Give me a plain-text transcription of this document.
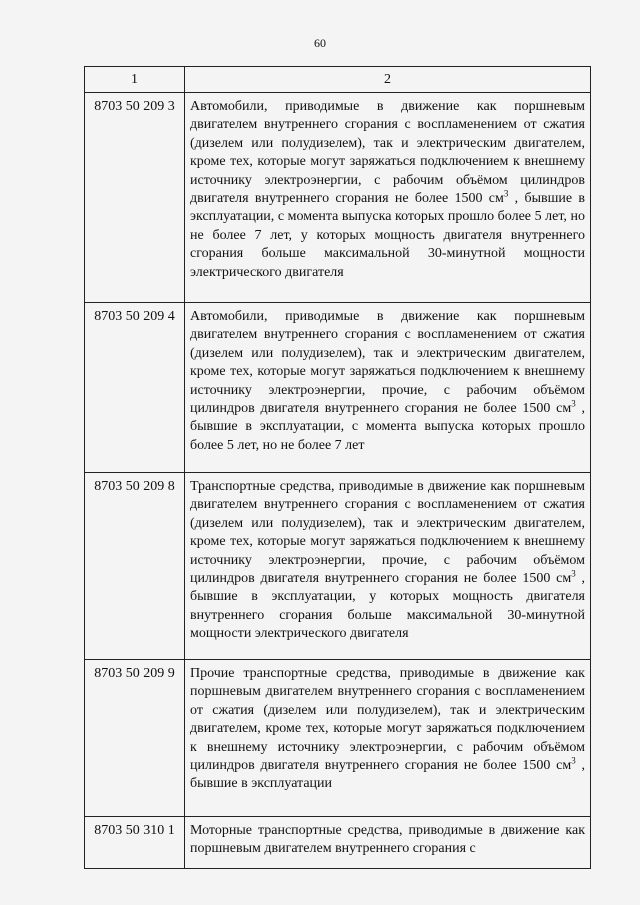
60
1	2
8703 50 209 3	Автомобили, приводимые в движение как поршневым двигателем внутреннего сгорания с воспламенением от сжатия (дизелем или полудизелем), так и электрическим двигателем, кроме тех, которые могут заряжаться подключением к внешнему источнику электроэнергии, с рабочим объёмом цилиндров двигателя внутреннего сгорания не более 1500 $см^3$ , бывшие в эксплуатации, с момента выпуска которых прошло более 5 лет, но не более 7 лет, у которых мощность двигателя внутреннего сгорания больше максимальной 30-минутной мощности электрического двигателя

8703 50 209 4	Автомобили, приводимые в движение как поршневым двигателем внутреннего сгорания с воспламенением от сжатия (дизелем или полудизелем), так и электрическим двигателем, кроме тех, которые могут заряжаться подключением к внешнему источнику электроэнергии, прочие, с рабочим объёмом цилиндров двигателя внутреннего сгорания не более 1500 $см^3$ , бывшие в эксплуатации, с момента выпуска которых прошло более 5 лет, но не более 7 лет

8703 50 209 8	Транспортные средства, приводимые в движение как поршневым двигателем внутреннего сгорания с воспламенением от сжатия (дизелем или полудизелем), так и электрическим двигателем, кроме тех, которые могут заряжаться подключением к внешнему источнику электроэнергии, прочие, с рабочим объёмом цилиндров двигателя внутреннего сгорания не более 1500 $см^3$ , бывшие в эксплуатации, у которых мощность двигателя внутреннего сгорания больше максимальной 30-минутной мощности электрического двигателя

8703 50 209 9	Прочие транспортные средства, приводимые в движение как поршневым двигателем внутреннего сгорания с воспламенением от сжатия (дизелем или полудизелем), так и электрическим двигателем, кроме тех, которые могут заряжаться подключением к внешнему источнику электроэнергии, с рабочим объёмом цилиндров двигателя внутреннего сгорания не более 1500 $см^3$ , бывшие в эксплуатации

8703 50 310 1	Моторные транспортные средства, приводимые в движение как поршневым двигателем внутреннего сгорания с
